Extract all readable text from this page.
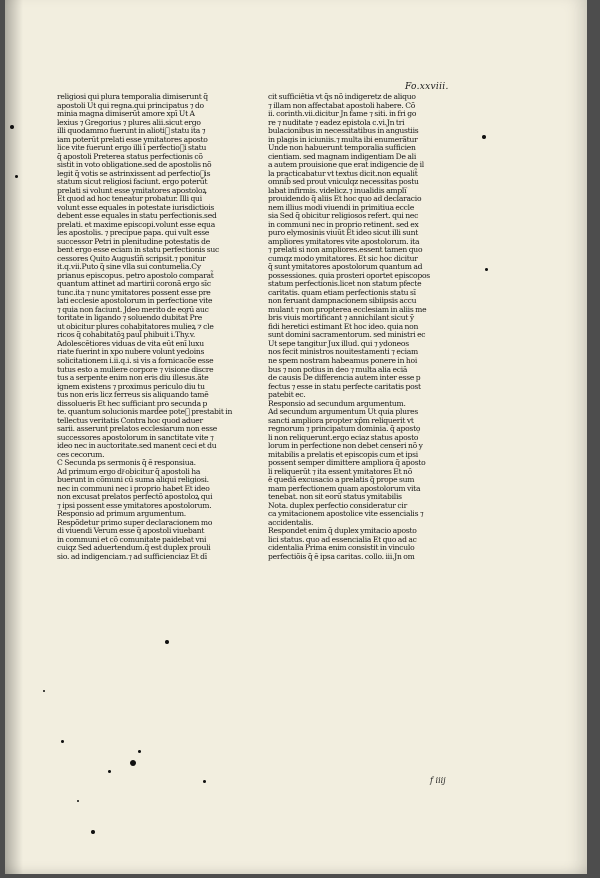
Fo.xxviii.
religiosi qui plura temporalia dimiserunt q̃
apostoli Ut qui regna.qui principatus ⁊ do
minia magna dimiserūt amore xpī Ut A
lexius ⁊ Gregorius ⁊ plures alii.sicut ergo
illi quodammo fuerunt in aliotiᷓ statu ita ⁊
iam poterūt prelati esse ymitatores aposto
lice vite fuerunt ergo illi ī perfectioᷓi statu
q̃ apostoli Preterea status perfectionis cõ
sistit in voto obligatione.sed de apostolis nõ
legit q̃ votis se astrinxissent ad perfectioᷓis
statum sicut religiosi faciunt. ergo poterūt
prelati si volunt esse ymitatores apostoloꝝ
Et quod ad hoc teneatur probatur. Illi qui
volunt esse equales in potestate iurisdictiois
debent esse equales in statu perfectionis.sed
prelati. et maxime episcopi.volunt esse equa
les apostolis. ⁊ precipue papa. qui vult esse
successor Petri in plenitudine potestatis de
bent ergo esse eciam in statu perfectionis suc
cessores Quito Augustīn̄ scripsit.⁊ ponitur
it.q.vii.Puto q̃ sine vlla sui contumelia.Cy
prianus episcopus. petro apostolo comparat̃
quantum attinet ad martirii coronã ergo sīc
tunc.ita ⁊ nunc ymitatores possent esse pre
lati ecclesie apostolorum in perfectione vite
⁊ quia non faciunt. Jdeo merito de eorū auc
toritate in ligando ⁊ soluendo dubitat̃ Pre
ut obicitur plures cohabitatores mulieꝝ ⁊ cle
ricos q̃ cohabitatōꝫ paul̃ phibuit i.Thy.v.
Adolescētiores viduas de vita eūt enī luxu
riate fuerint in xpo nubere volunt yedoins
solicitationem i.ii.q.i. si vis a fornicacõe esse
tutus esto a muliere corpore ⁊ visione discre
tus a serpente enim non eris diu illesus.ãte
ignem existens ⁊ proximus periculo diu tu
tus non eris licz ferreus sis aliquando tamē
dissolueris Et hec sufficiant pro secunda p
te. quantum solucionis mardee poteᷓ prestabit in
tellectus veritatis Contra hoc quod aduer
sarii. asserunt prelatos ecclesiarum non esse
successores apostolorum in sanctitate vite ⁊
ideo nec in auctoritate.sed manent ceci et du
ces cecorum.
C Secunda ps sermonis q̃ ē responsiua.
Ad primum ergo diͨ obicitur q̃ apostoli ha
buerunt in cõmuni cū suma aliqui religiosi.
nec in communi nec i proprio habet Et ideo
non excusat prelatos perfectõ apostoloꝝ qui
⁊ ipsi possent esse ymitatores apostolorum.
Responsio ad primum argumentum.
Respõdetur primo super declaracionem mo
di viuendi Verum esse q̃ apostoli viuebant
in communi et cõ comunitate paidebat vni
cuiqz Sed aduertendum.q̃ est duplex prouli
sio. ad indigenciam.⁊ ad sufficienciaz Et dī
cit sufficiētia vt q̃s nõ indigeretz de aliquo
⁊ illam non affectabat apostoli habere. Cõ
ii. corinth.vii.dicitur Jn fame ⁊ siti. in fri go
re ⁊ nuditate ⁊ eadez epistola c.vi.Jn tri
bulacionibus in necessitatibus in angustiis
in plagis in iciuniis.⁊ multa ibi enumerãtur
Unde non habuerunt temporalia sufficien
cientiam. sed magnam indigentiam De ali
a autem prouisione que erat indigencie de il
la practicabatur vt textus dicit.non equalit̃
omnib̄ sed prout vniculqz necessitas postu
labat infirmis. videlicz.⁊ inualidis ampli̅
prouidendo q̃ aliis Et hoc quo ad declaracio
nem illius modi viuendi in primitiua eccle
sia Sed q̃ obicitur religiosos refert. qui nec
in communi nec in proprio retinent. sed ex
puro elymosinis viuūt Et ideo sicut illi sunt
ampliores ymitatores vite apostolorum. ita
⁊ prelati si non ampliores.essent tamen quo
cumqz modo ymitatores. Et sic hoc dicitur
q̃ sunt ymitatores apostolorum quantum ad
possessiones. quia prosteri oportet episcopos
statum perfectionis.licet non statum pfecte
caritatis. quam etiam perfectionis statu sī
non feruant dampnacionem sibiipsis accu
mulant ⁊ non propterea ecclesiam in aliis me
bris viuis mortificant ⁊ annichilant sicut ỹ
fidi heretici estimant Et hoc ideo. quia non
sunt domini sacramentorum. sed ministri ec
Ut sepe tangitur Jux illud. qui ⁊ ydoneos
nos fecit ministros nouitestamenti ⁊ eciam
ne spem nostram habeamus ponere in hoi
bus ⁊ non potius in deo ⁊ multa alia eciā
de causis De differencia autem inter esse p
fectus ⁊ esse in statu perfecte caritatis post
patebit ec.
Responsio ad secundum argumentum.
Ad secundum argumentum Ut quia plures
sancti ampliora propter xp̄m reliquerit vt
regnorum ⁊ principatum dominia. q̃ apostọ
li non reliquerunt.ergo eciaz status aposto
lorum in perfectione non debet censeri nõ y
mitabilis a prelatis et episcopis cum et ipsi
possent semper dimittere ampliora q̃ aposto
li reliquerūt ⁊ ita essent ymitatores Et nõ
ē quedã excusacio a prelatis q̃ prope sum
mam perfectionem quam apostolorum vita
tenebat. non sit eorū status ymitabilis
Nota. duplex perfectio consideratur cir
ca ymitacionem apostolice vite essencialis ⁊
accidentalis.
Respondet enim q̃ duplex ymitacio aposto
lici status. quo ad essencialia Et quo ad ac
cidentalia Prima enim consistit in vinculo
perfectiõis q̃ ē ipsa caritas. collo. iii.Jn om
f iiij
